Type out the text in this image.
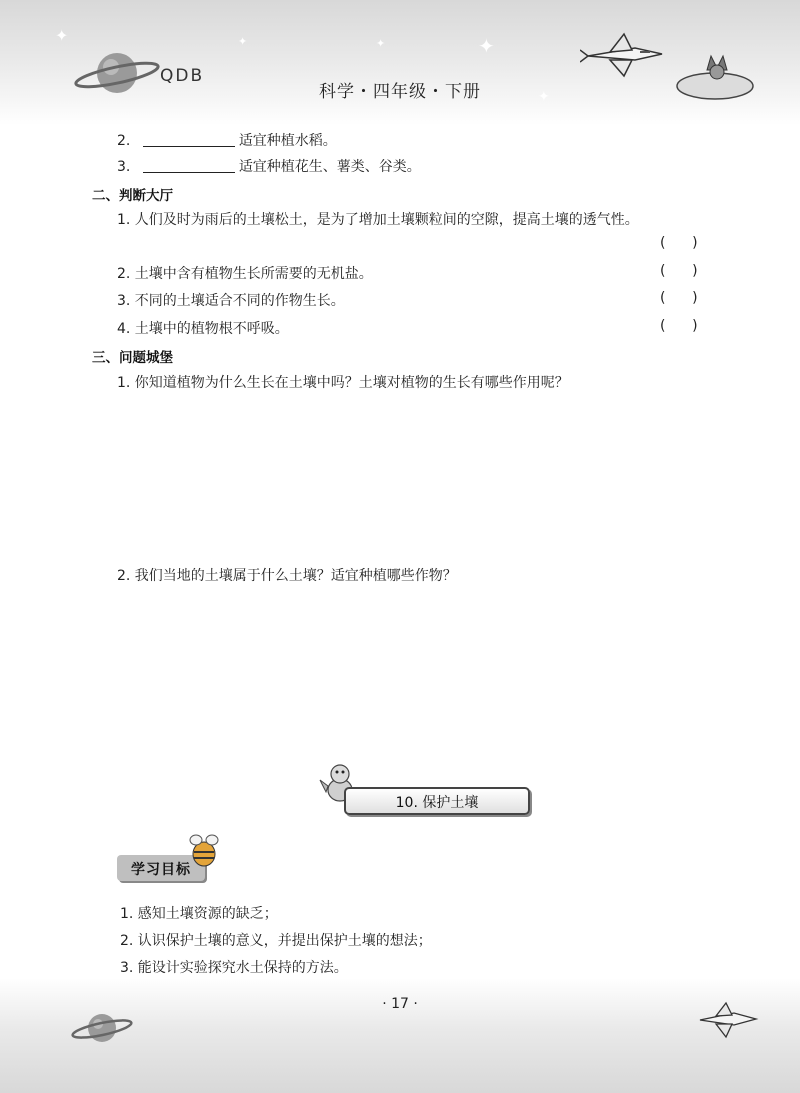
✦	✦	✦	✦
✦
QDB
科学・四年级・下册
2.	适宜种植水稻。
3.	适宜种植花生、薯类、谷类。
二、判断大厅
1. 人们及时为雨后的土壤松土，是为了增加土壤颗粒间的空隙，提高土壤的透气性。
(      )
2. 土壤中含有植物生长所需要的无机盐。	(      )
3. 不同的土壤适合不同的作物生长。	(      )
4. 土壤中的植物根不呼吸。	(      )
三、问题城堡
1. 你知道植物为什么生长在土壤中吗？土壤对植物的生长有哪些作用呢？
2. 我们当地的土壤属于什么土壤？适宜种植哪些作物？
10. 保护土壤
学习目标
1. 感知土壤资源的缺乏；
2. 认识保护土壤的意义，并提出保护土壤的想法；
3. 能设计实验探究水土保持的方法。
· 17 ·
